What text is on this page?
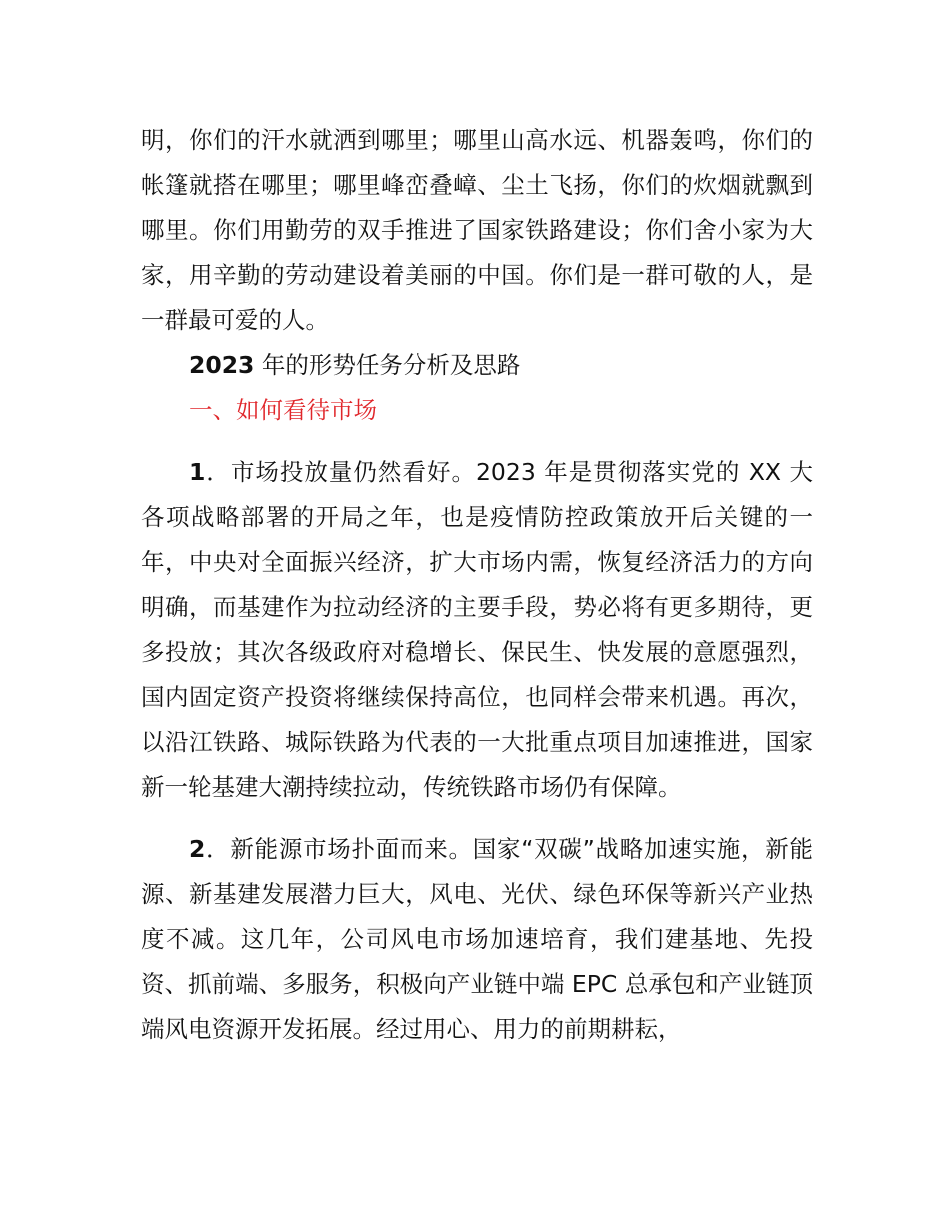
明，你们的汗水就洒到哪里；哪里山高水远、机器轰鸣，你们的帐篷就搭在哪里；哪里峰峦叠嶂、尘土飞扬，你们的炊烟就飘到哪里。你们用勤劳的双手推进了国家铁路建设；你们舍小家为大家，用辛勤的劳动建设着美丽的中国。你们是一群可敬的人，是一群最可爱的人。

2023 年的形势任务分析及思路

一、如何看待市场

1．市场投放量仍然看好。2023 年是贯彻落实党的 XX 大各项战略部署的开局之年，也是疫情防控政策放开后关键的一年，中央对全面振兴经济，扩大市场内需，恢复经济活力的方向明确，而基建作为拉动经济的主要手段，势必将有更多期待，更多投放；其次各级政府对稳增长、保民生、快发展的意愿强烈，国内固定资产投资将继续保持高位，也同样会带来机遇。再次，以沿江铁路、城际铁路为代表的一大批重点项目加速推进，国家新一轮基建大潮持续拉动，传统铁路市场仍有保障。

2．新能源市场扑面而来。国家“双碳”战略加速实施，新能源、新基建发展潜力巨大，风电、光伏、绿色环保等新兴产业热度不减。这几年，公司风电市场加速培育，我们建基地、先投资、抓前端、多服务，积极向产业链中端 EPC 总承包和产业链顶端风电资源开发拓展。经过用心、用力的前期耕耘，
